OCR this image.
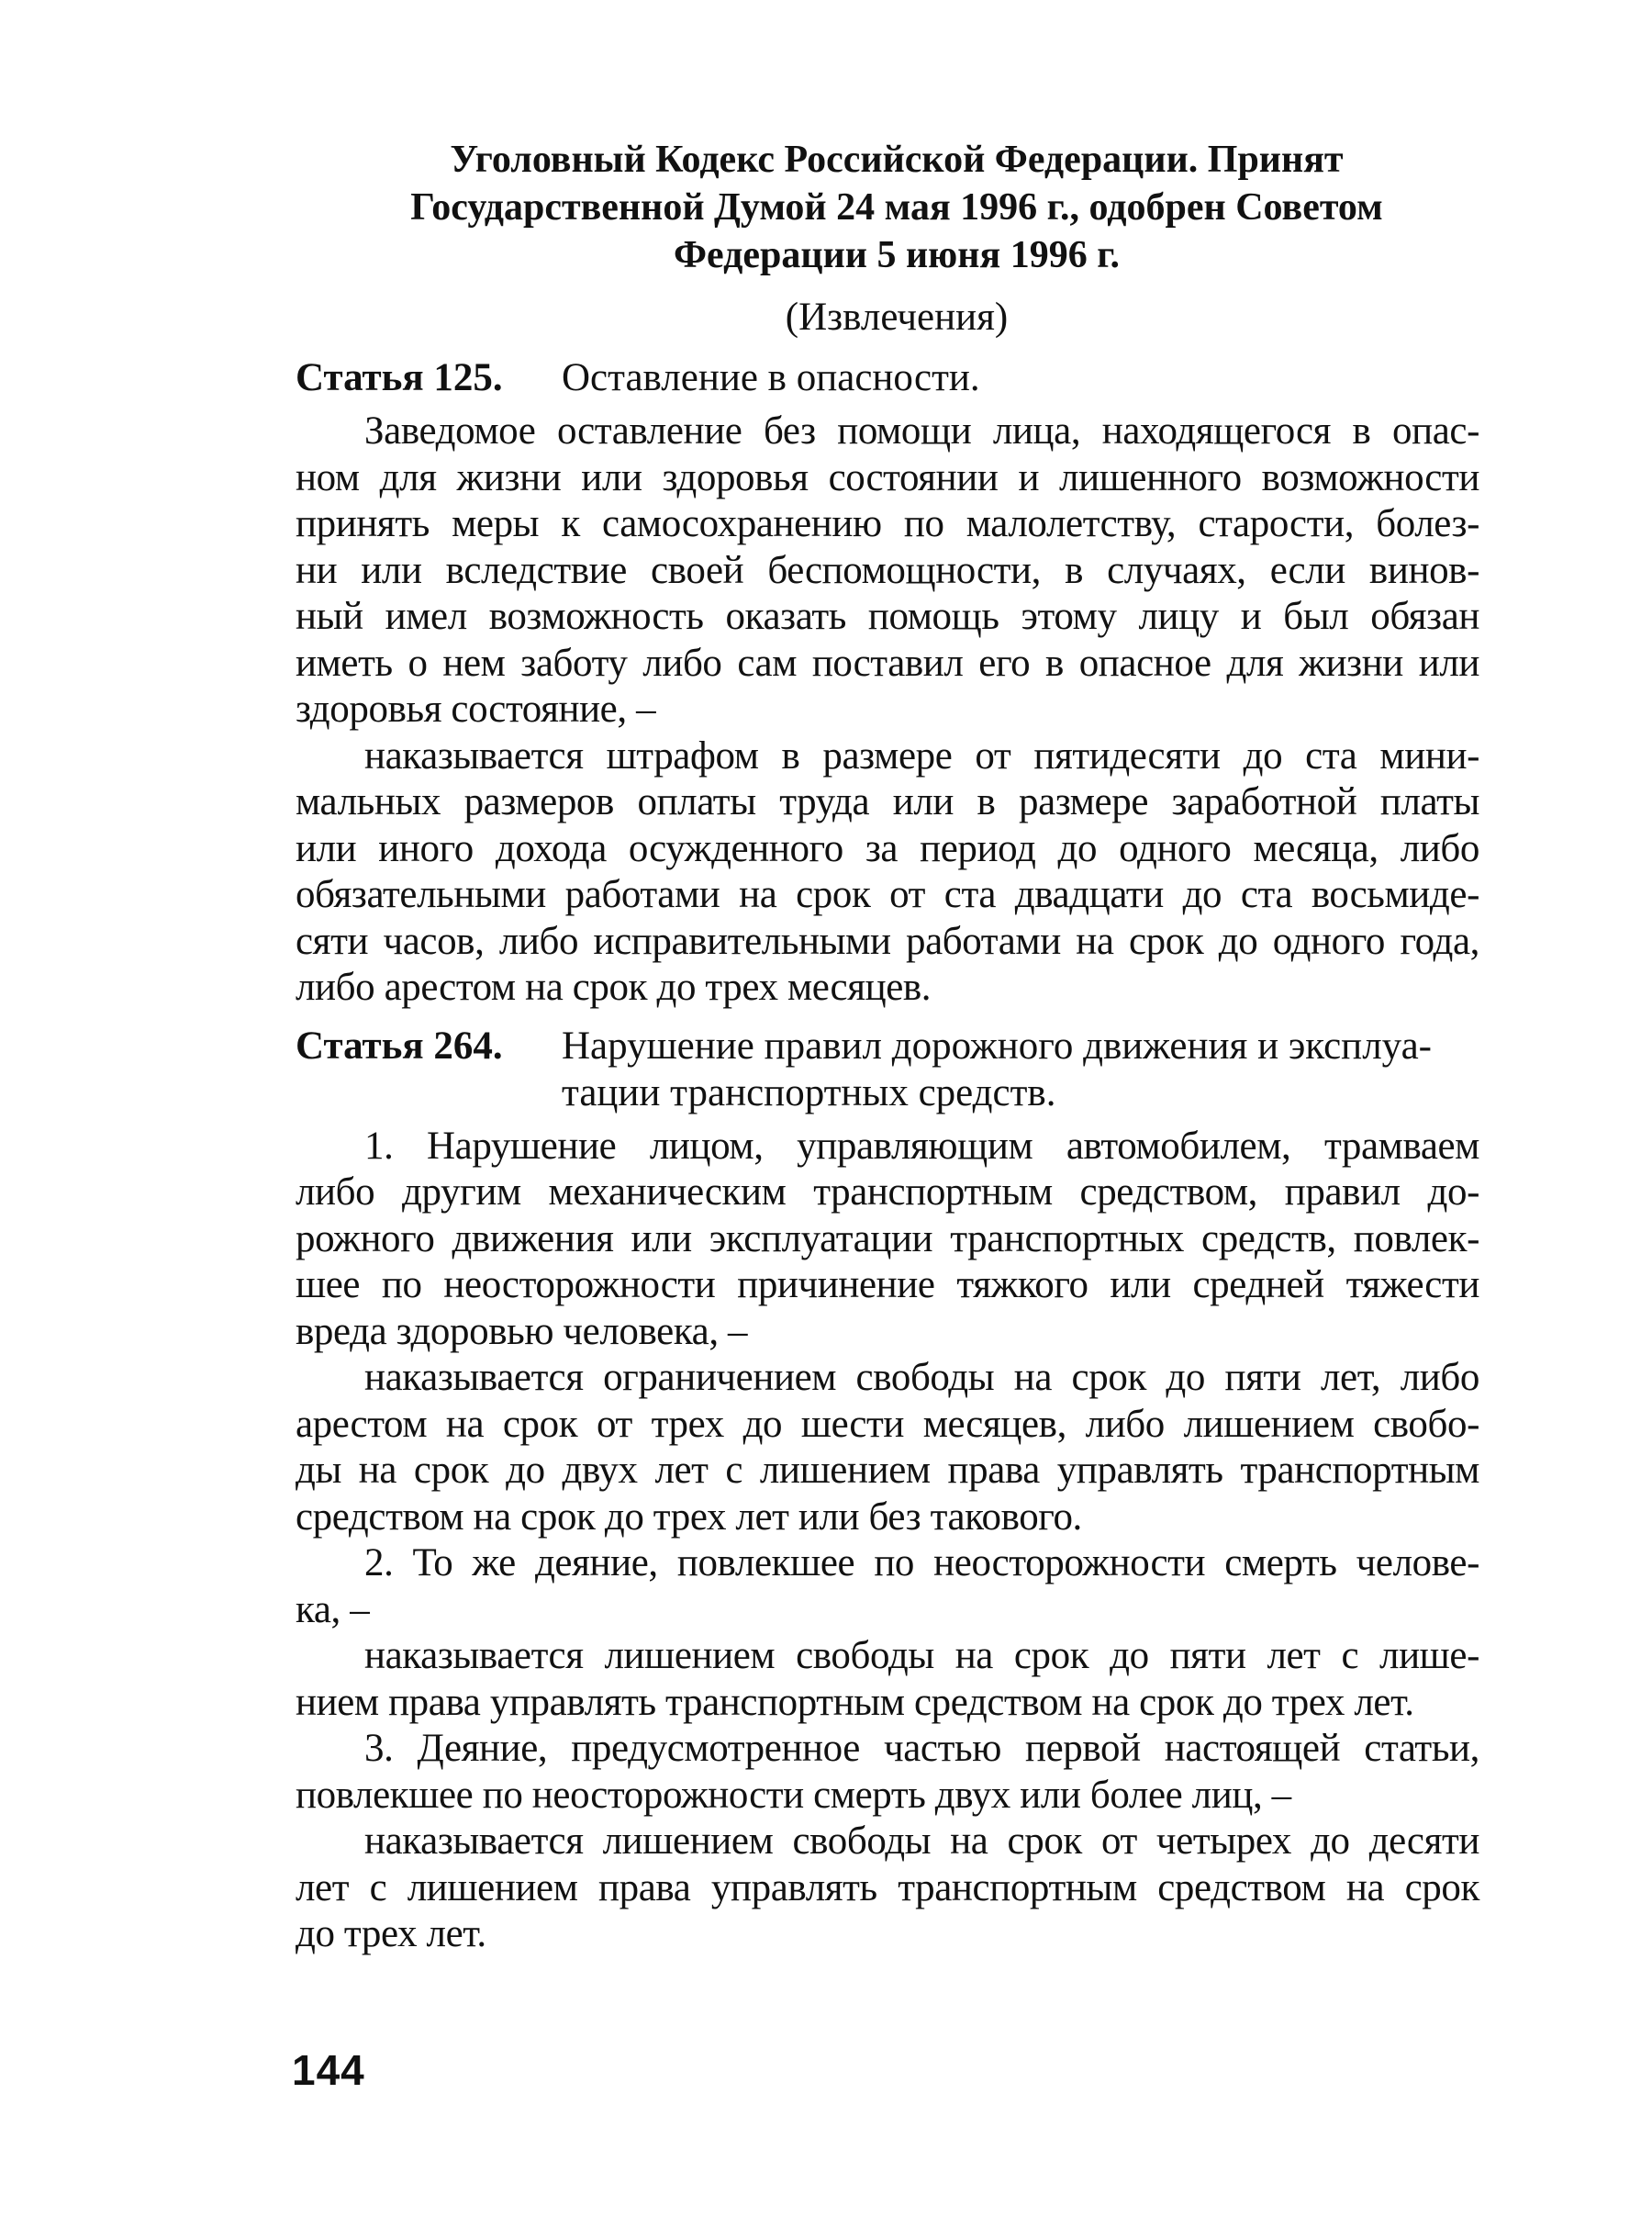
Уголовный Кодекс Российской Федерации. Принят
Государственной Думой 24 мая 1996 г., одобрен Советом
Федерации 5 июня 1996 г.
(Извлечения)
Статья 125.	Оставление в опасности.
Заведомое оставление без помощи лица, находящегося в опас-
ном для жизни или здоровья состоянии и лишенного возможности
принять меры к самосохранению по малолетству, старости, болез-
ни или вследствие своей беспомощности, в случаях, если винов-
ный имел возможность оказать помощь этому лицу и был обязан
иметь о нем заботу либо сам поставил его в опасное для жизни или
здоровья состояние, –
наказывается штрафом в размере от пятидесяти до ста мини-
мальных размеров оплаты труда или в размере заработной платы
или иного дохода осужденного за период до одного месяца, либо
обязательными работами на срок от ста двадцати до ста восьмиде-
сяти часов, либо исправительными работами на срок до одного года,
либо арестом на срок до трех месяцев.
Статья 264.	Нарушение правил дорожного движения и эксплуа-
тации транспортных средств.
1. Нарушение лицом, управляющим автомобилем, трамваем
либо другим механическим транспортным средством, правил до-
рожного движения или эксплуатации транспортных средств, повлек-
шее по неосторожности причинение тяжкого или средней тяжести
вреда здоровью человека, –
наказывается ограничением свободы на срок до пяти лет, либо
арестом на срок от трех до шести месяцев, либо лишением свобо-
ды на срок до двух лет с лишением права управлять транспортным
средством на срок до трех лет или без такового.
2. То же деяние, повлекшее по неосторожности смерть челове-
ка, –
наказывается лишением свободы на срок до пяти лет с лише-
нием права управлять транспортным средством на срок до трех лет.
3. Деяние, предусмотренное частью первой настоящей статьи,
повлекшее по неосторожности смерть двух или более лиц, –
наказывается лишением свободы на срок от четырех до десяти
лет с лишением права управлять транспортным средством на срок
до трех лет.
144
